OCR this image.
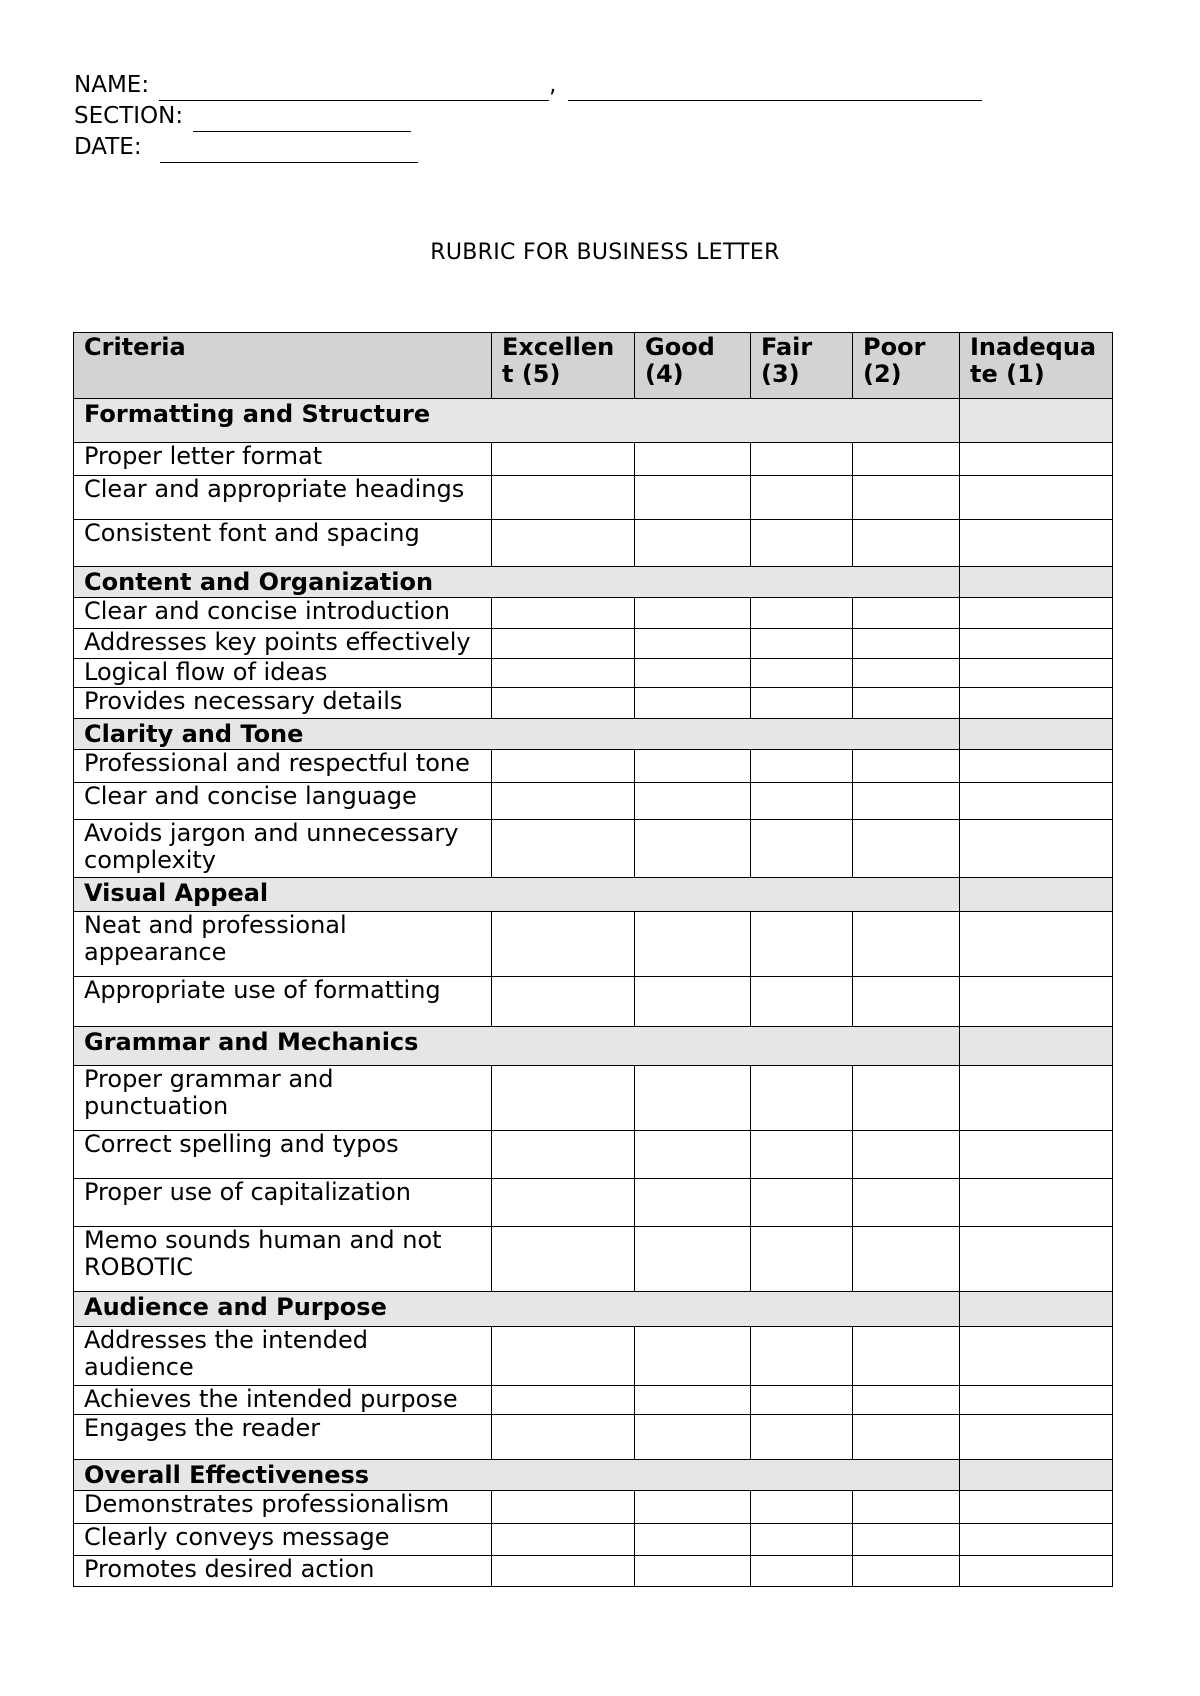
NAME:	,
SECTION:
DATE:
RUBRIC FOR BUSINESS LETTER
Criteria	Excellen t (5)	Good (4)	Fair (3)	Poor (2)	Inadequa te (1)
Formatting and Structure					
Proper letter format					
Clear and appropriate headings					
Consistent font and spacing					
Content and Organization					
Clear and concise introduction					
Addresses key points effectively					
Logical flow of ideas					
Provides necessary details					
Clarity and Tone					
Professional and respectful tone					
Clear and concise language					
Avoids jargon and unnecessary complexity					
Visual Appeal					
Neat and professional appearance					
Appropriate use of formatting					
Grammar and Mechanics					
Proper grammar and punctuation					
Correct spelling and typos					
Proper use of capitalization					
Memo sounds human and not ROBOTIC					
Audience and Purpose					
Addresses the intended audience					
Achieves the intended purpose					
Engages the reader					
Overall Effectiveness					
Demonstrates professionalism					
Clearly conveys message					
Promotes desired action					
